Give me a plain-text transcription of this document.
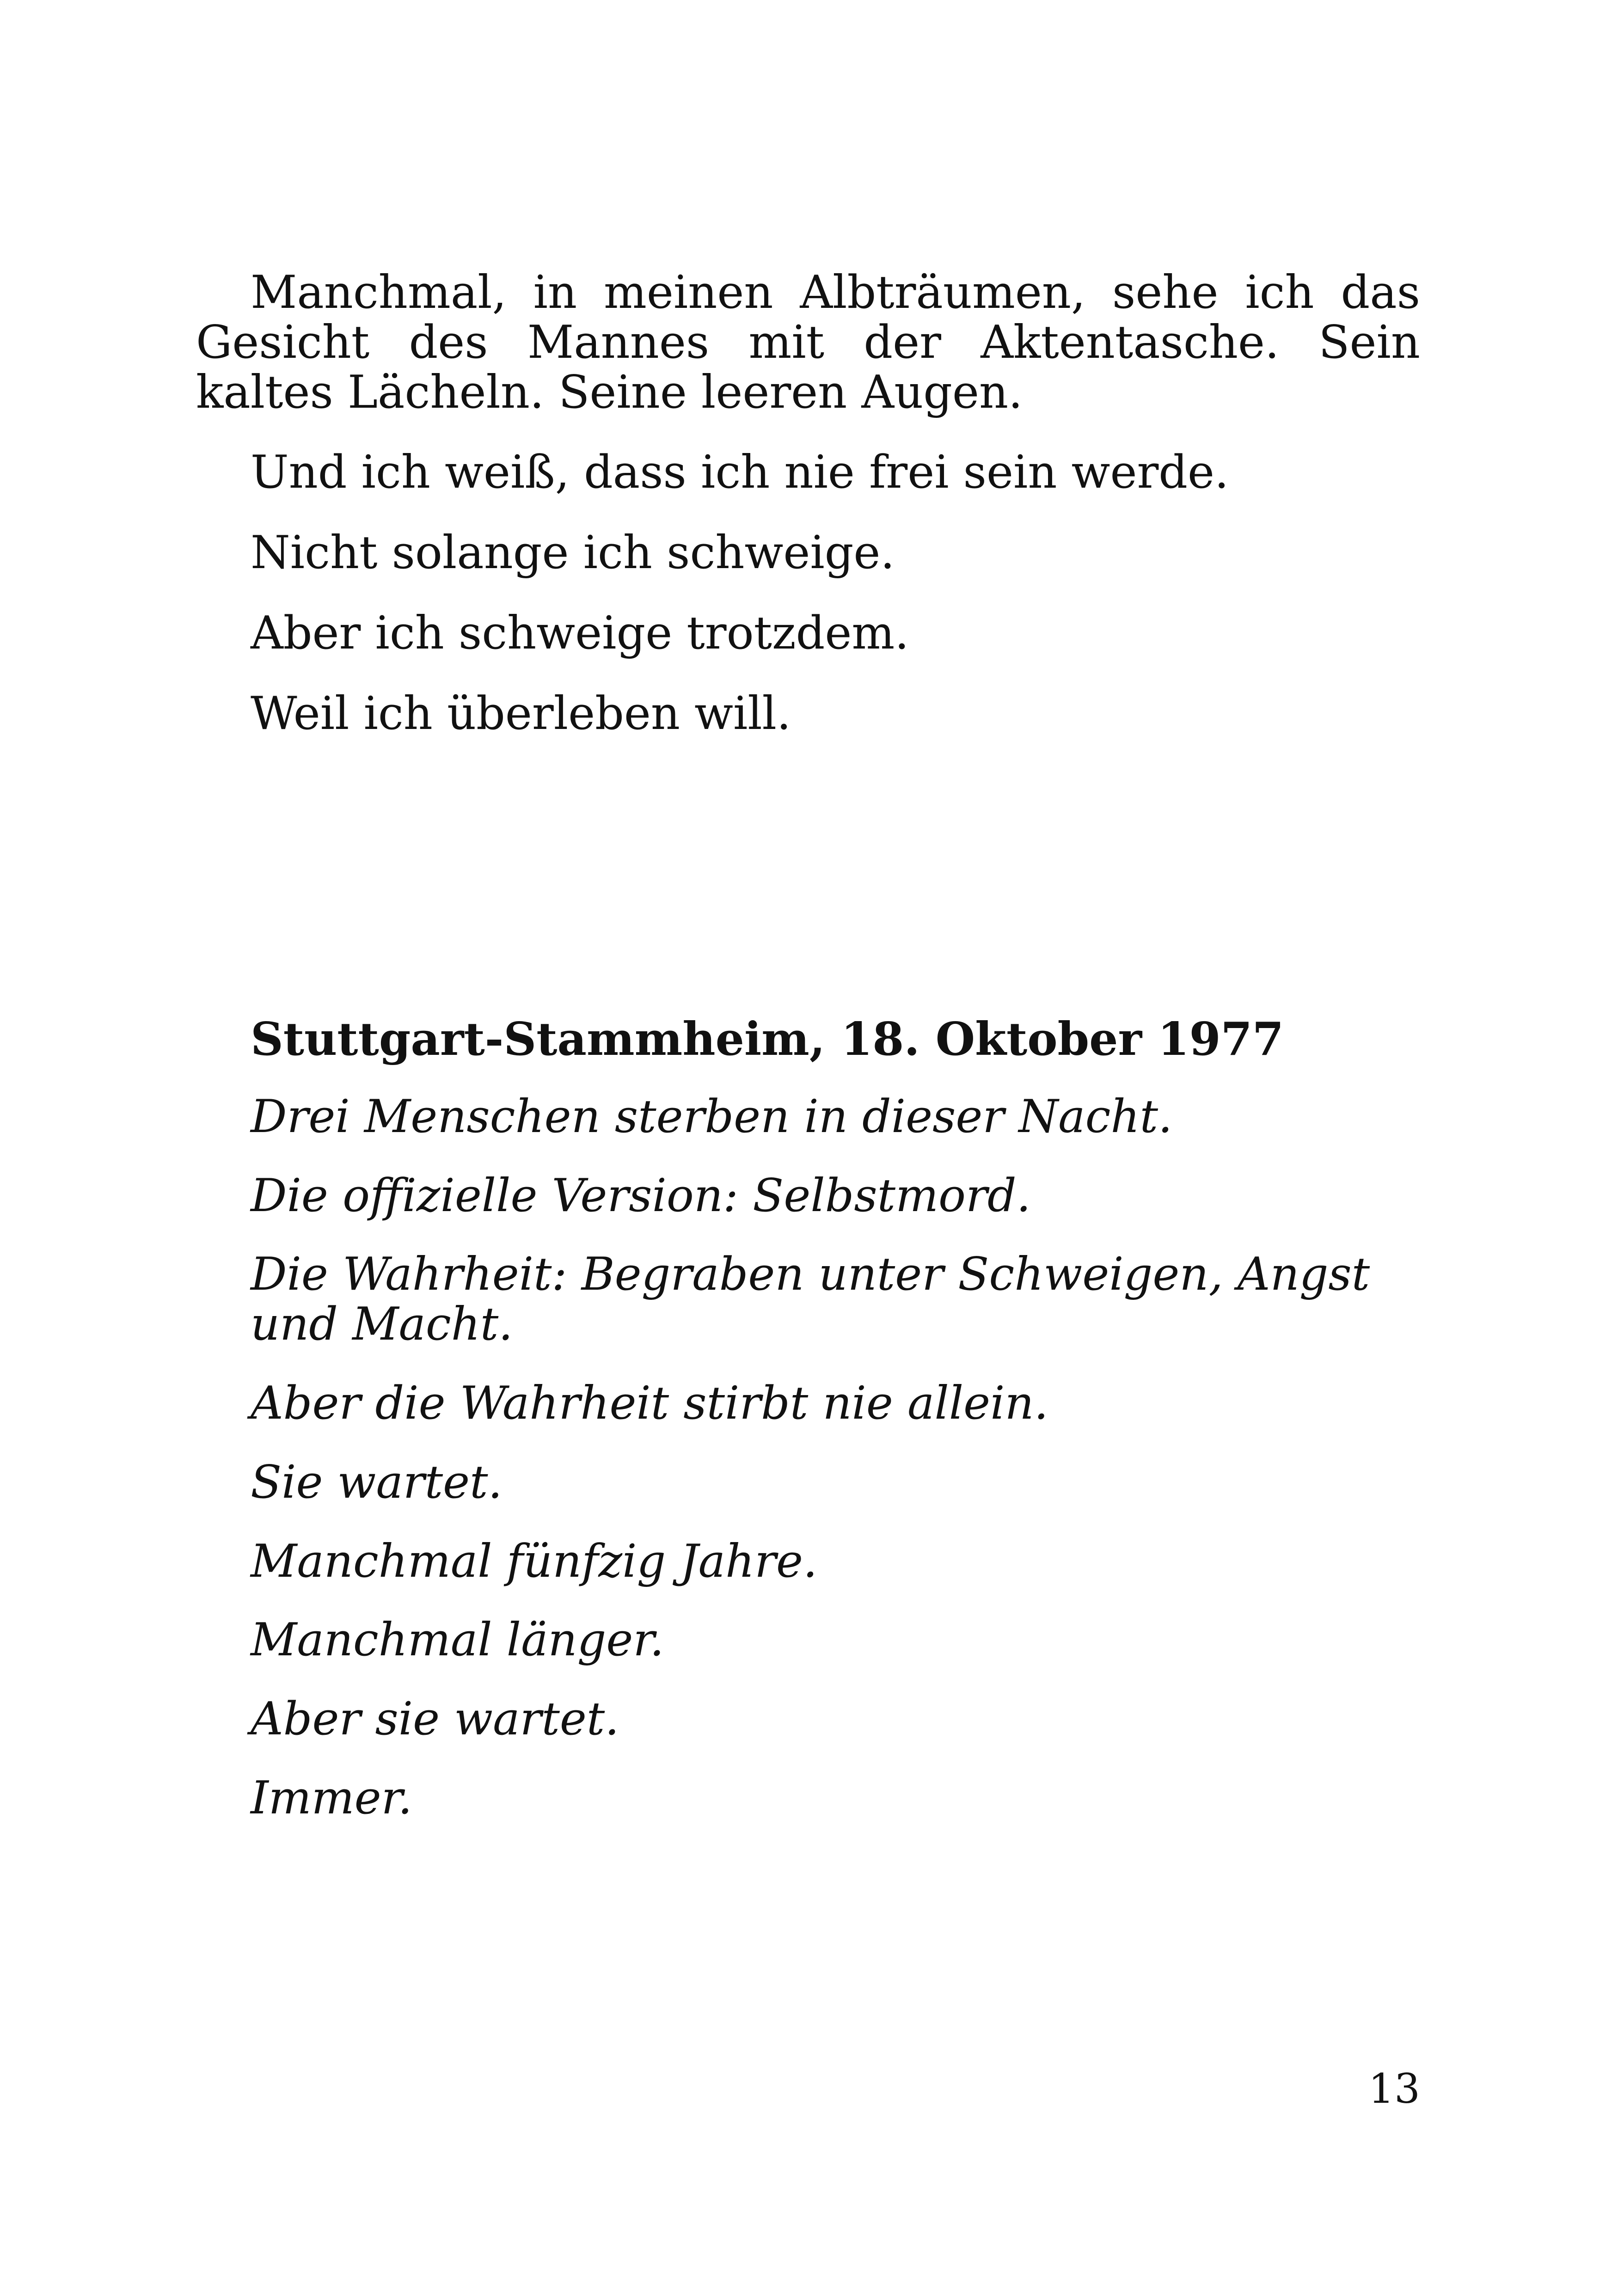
Manchmal, in meinen Albträumen, sehe ich das Gesicht des Mannes mit der Aktentasche. Sein kaltes Lächeln. Seine leeren Augen.

Und ich weiß, dass ich nie frei sein werde.

Nicht solange ich schweige.

Aber ich schweige trotzdem.

Weil ich überleben will.

Stuttgart-Stammheim, 18. Oktober 1977

Drei Menschen sterben in dieser Nacht.

Die offizielle Version: Selbstmord.

Die Wahrheit: Begraben unter Schweigen, Angst und Macht.

Aber die Wahrheit stirbt nie allein.

Sie wartet.

Manchmal fünfzig Jahre.

Manchmal länger.

Aber sie wartet.

Immer.

13
